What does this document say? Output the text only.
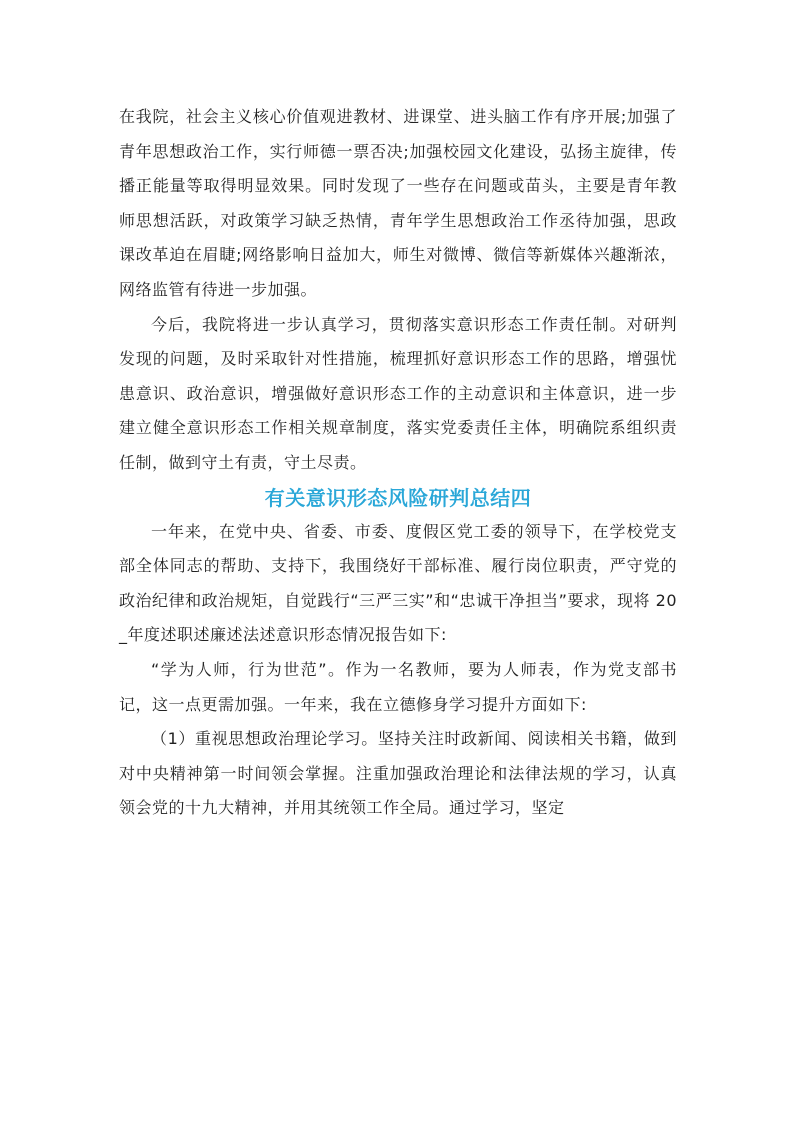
在我院，社会主义核心价值观进教材、进课堂、进头脑工作有序开展;加强了青年思想政治工作，实行师德一票否决;加强校园文化建设，弘扬主旋律，传播正能量等取得明显效果。同时发现了一些存在问题或苗头，主要是青年教师思想活跃，对政策学习缺乏热情，青年学生思想政治工作丞待加强，思政课改革迫在眉睫;网络影响日益加大，师生对微博、微信等新媒体兴趣渐浓，网络监管有待进一步加强。

今后，我院将进一步认真学习，贯彻落实意识形态工作责任制。对研判发现的问题，及时采取针对性措施，梳理抓好意识形态工作的思路，增强忧患意识、政治意识，增强做好意识形态工作的主动意识和主体意识，进一步建立健全意识形态工作相关规章制度，落实党委责任主体，明确院系组织责任制，做到守土有责，守土尽责。

有关意识形态风险研判总结四

一年来，在党中央、省委、市委、度假区党工委的领导下，在学校党支部全体同志的帮助、支持下，我围绕好干部标准、履行岗位职责，严守党的政治纪律和政治规矩，自觉践行“三严三实”和“忠诚干净担当”要求，现将 20_年度述职述廉述法述意识形态情况报告如下:

“学为人师，行为世范”。作为一名教师，要为人师表，作为党支部书记，这一点更需加强。一年来，我在立德修身学习提升方面如下:

（1）重视思想政治理论学习。坚持关注时政新闻、阅读相关书籍，做到对中央精神第一时间领会掌握。注重加强政治理论和法律法规的学习，认真领会党的十九大精神，并用其统领工作全局。通过学习，坚定
